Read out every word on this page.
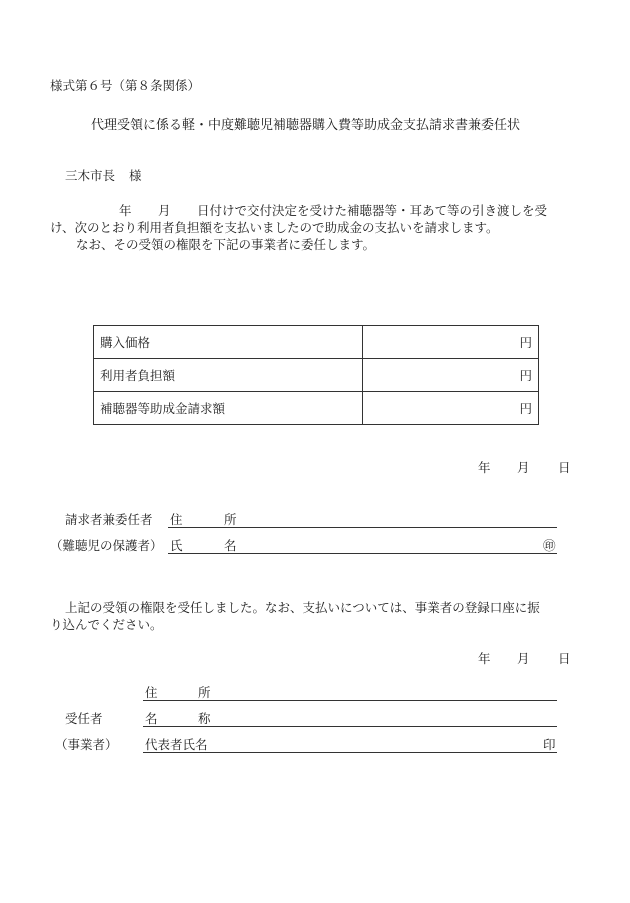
様式第６号（第８条関係）
代理受領に係る軽・中度難聴児補聴器購入費等助成金支払請求書兼委任状
三木市長 様
年 月 日付けで交付決定を受けた補聴器等・耳あて等の引き渡しを受
け、次のとおり利用者負担額を支払いましたので助成金の支払いを請求します。
なお、その受領の権限を下記の事業者に委任します。
購入価格	円
利用者負担額	円
補聴器等助成金請求額	円
年 月 日
請求者兼委任者 住	所
（難聴児の保護者） 氏	名	㊞
上記の受領の権限を受任しました。なお、支払いについては、事業者の登録口座に振
り込んでください。
年 月 日
住	所
受任者	名	称
（事業者） 代表者氏名	印
